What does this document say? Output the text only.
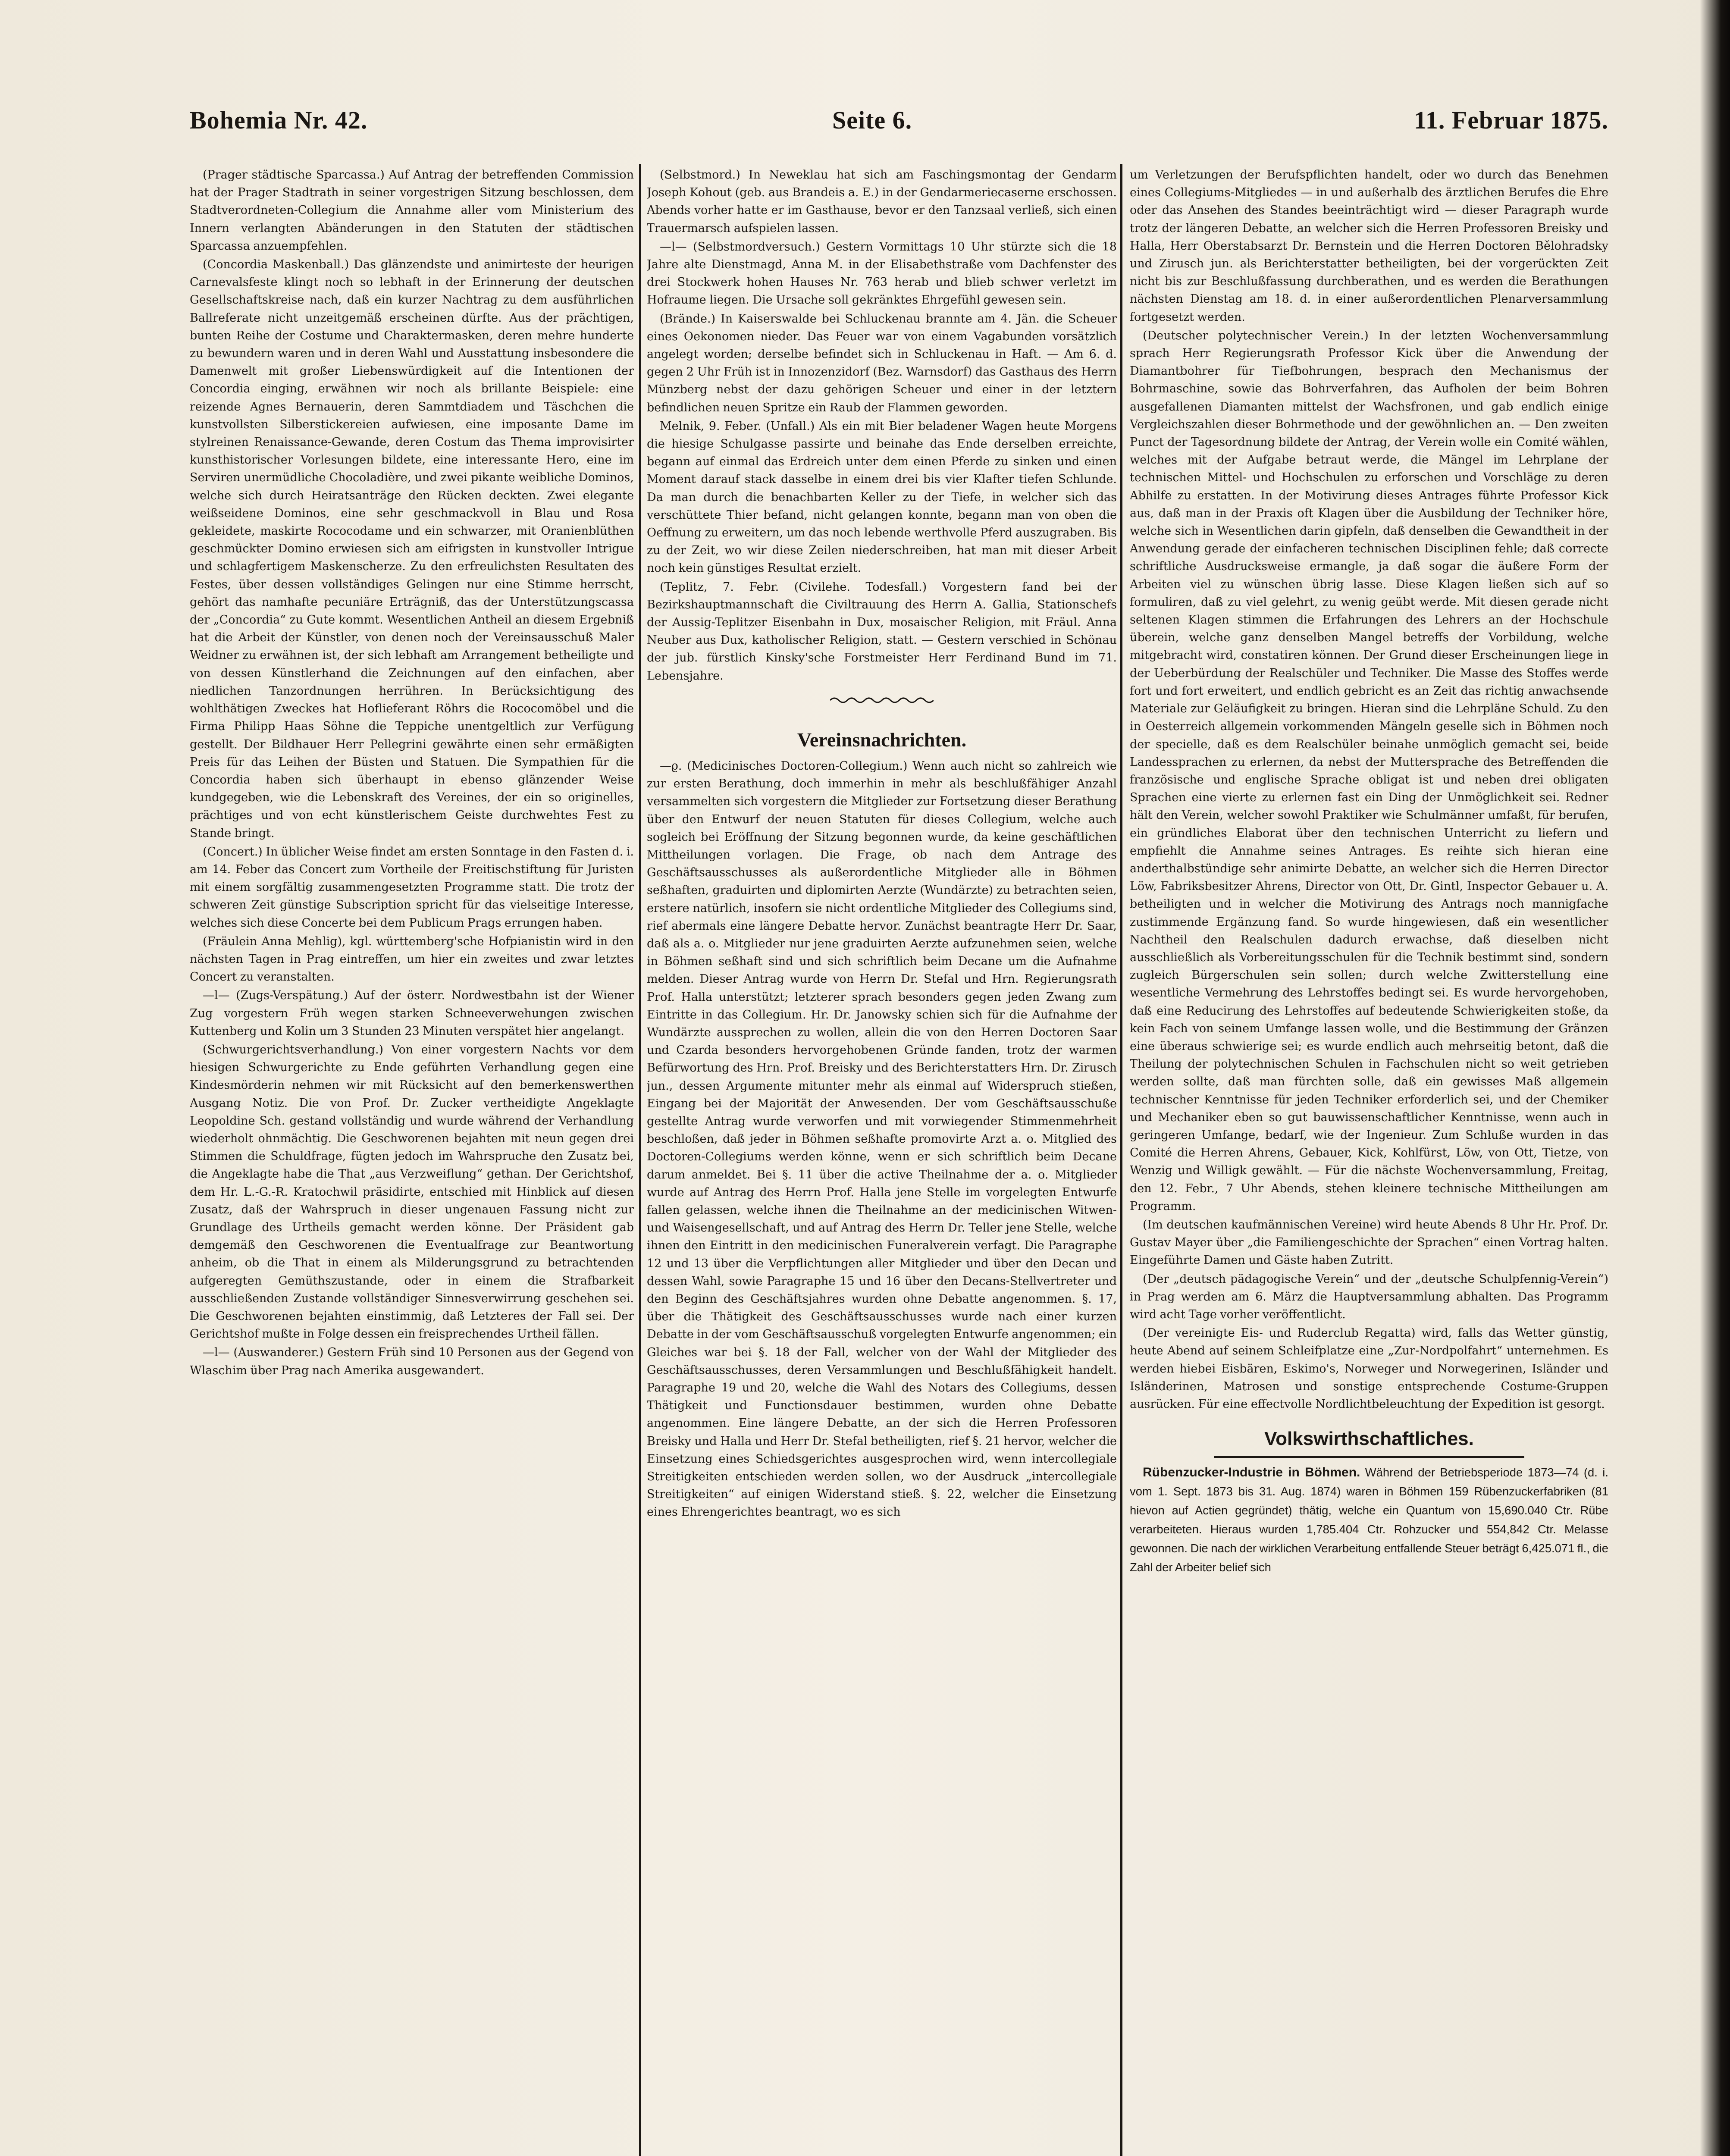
Bohemia Nr. 42.	Seite 6.	11. Februar 1875.

(Prager städtische Sparcassa.) Auf Antrag der betreffenden Commission hat der Prager Stadtrath in seiner vorgestrigen Sitzung beschlossen, dem Stadtverordneten-Collegium die Annahme aller vom Ministerium des Innern verlangten Abänderungen in den Statuten der städtischen Sparcassa anzuempfehlen.

(Concordia Maskenball.) Das glänzendste und animirteste der heurigen Carnevalsfeste klingt noch so lebhaft in der Erinnerung der deutschen Gesellschaftskreise nach, daß ein kurzer Nachtrag zu dem ausführlichen Ballreferate nicht unzeitgemäß erscheinen dürfte. Aus der prächtigen, bunten Reihe der Costume und Charaktermasken, deren mehre hunderte zu bewundern waren und in deren Wahl und Ausstattung insbesondere die Damenwelt mit großer Liebenswürdigkeit auf die Intentionen der Concordia einging, erwähnen wir noch als brillante Beispiele: eine reizende Agnes Bernauerin, deren Sammtdiadem und Täschchen die kunstvollsten Silberstickereien aufwiesen, eine imposante Dame im stylreinen Renaissance-Gewande, deren Costum das Thema improvisirter kunsthistorischer Vorlesungen bildete, eine interessante Hero, eine im Serviren unermüdliche Chocoladière, und zwei pikante weibliche Dominos, welche sich durch Heiratsanträge den Rücken deckten. Zwei elegante weißseidene Dominos, eine sehr geschmackvoll in Blau und Rosa gekleidete, maskirte Rococodame und ein schwarzer, mit Oranienblüthen geschmückter Domino erwiesen sich am eifrigsten in kunstvoller Intrigue und schlagfertigem Maskenscherze. Zu den erfreulichsten Resultaten des Festes, über dessen vollständiges Gelingen nur eine Stimme herrscht, gehört das namhafte pecuniäre Erträgniß, das der Unterstützungscassa der „Concordia“ zu Gute kommt. Wesentlichen Antheil an diesem Ergebniß hat die Arbeit der Künstler, von denen noch der Vereinsausschuß Maler Weidner zu erwähnen ist, der sich lebhaft am Arrangement betheiligte und von dessen Künstlerhand die Zeichnungen auf den einfachen, aber niedlichen Tanzordnungen herrühren. In Berücksichtigung des wohlthätigen Zweckes hat Hoflieferant Röhrs die Rococomöbel und die Firma Philipp Haas Söhne die Teppiche unentgeltlich zur Verfügung gestellt. Der Bildhauer Herr Pellegrini gewährte einen sehr ermäßigten Preis für das Leihen der Büsten und Statuen. Die Sympathien für die Concordia haben sich überhaupt in ebenso glänzender Weise kundgegeben, wie die Lebenskraft des Vereines, der ein so originelles, prächtiges und von echt künstlerischem Geiste durchwehtes Fest zu Stande bringt.

(Concert.) In üblicher Weise findet am ersten Sonntage in den Fasten d. i. am 14. Feber das Concert zum Vortheile der Freitischstiftung für Juristen mit einem sorgfältig zusammengesetzten Programme statt. Die trotz der schweren Zeit günstige Subscription spricht für das vielseitige Interesse, welches sich diese Concerte bei dem Publicum Prags errungen haben.

(Fräulein Anna Mehlig), kgl. württemberg'sche Hofpianistin wird in den nächsten Tagen in Prag eintreffen, um hier ein zweites und zwar letztes Concert zu veranstalten.

—l— (Zugs-Verspätung.) Auf der österr. Nordwestbahn ist der Wiener Zug vorgestern Früh wegen starken Schneeverwehungen zwischen Kuttenberg und Kolin um 3 Stunden 23 Minuten verspätet hier angelangt.

(Schwurgerichtsverhandlung.) Von einer vorgestern Nachts vor dem hiesigen Schwurgerichte zu Ende geführten Verhandlung gegen eine Kindesmörderin nehmen wir mit Rücksicht auf den bemerkenswerthen Ausgang Notiz. Die von Prof. Dr. Zucker vertheidigte Angeklagte Leopoldine Sch. gestand vollständig und wurde während der Verhandlung wiederholt ohnmächtig. Die Geschworenen bejahten mit neun gegen drei Stimmen die Schuldfrage, fügten jedoch im Wahrspruche den Zusatz bei, die Angeklagte habe die That „aus Verzweiflung“ gethan. Der Gerichtshof, dem Hr. L.-G.-R. Kratochwil präsidirte, entschied mit Hinblick auf diesen Zusatz, daß der Wahrspruch in dieser ungenauen Fassung nicht zur Grundlage des Urtheils gemacht werden könne. Der Präsident gab demgemäß den Geschworenen die Eventualfrage zur Beantwortung anheim, ob die That in einem als Milderungsgrund zu betrachtenden aufgeregten Gemüthszustande, oder in einem die Strafbarkeit ausschließenden Zustande vollständiger Sinnesverwirrung geschehen sei. Die Geschworenen bejahten einstimmig, daß Letzteres der Fall sei. Der Gerichtshof mußte in Folge dessen ein freisprechendes Urtheil fällen.

—l— (Auswanderer.) Gestern Früh sind 10 Personen aus der Gegend von Wlaschim über Prag nach Amerika ausgewandert.

(Selbstmord.) In Neweklau hat sich am Faschingsmontag der Gendarm Joseph Kohout (geb. aus Brandeis a. E.) in der Gendarmeriecaserne erschossen. Abends vorher hatte er im Gasthause, bevor er den Tanzsaal verließ, sich einen Trauermarsch aufspielen lassen.

—l— (Selbstmordversuch.) Gestern Vormittags 10 Uhr stürzte sich die 18 Jahre alte Dienstmagd, Anna M. in der Elisabethstraße vom Dachfenster des drei Stockwerk hohen Hauses Nr. 763 herab und blieb schwer verletzt im Hofraume liegen. Die Ursache soll gekränktes Ehrgefühl gewesen sein.

(Brände.) In Kaiserswalde bei Schluckenau brannte am 4. Jän. die Scheuer eines Oekonomen nieder. Das Feuer war von einem Vagabunden vorsätzlich angelegt worden; derselbe befindet sich in Schluckenau in Haft. — Am 6. d. gegen 2 Uhr Früh ist in Innozenzidorf (Bez. Warnsdorf) das Gasthaus des Herrn Münzberg nebst der dazu gehörigen Scheuer und einer in der letztern befindlichen neuen Spritze ein Raub der Flammen geworden.

Melnik, 9. Feber. (Unfall.) Als ein mit Bier beladener Wagen heute Morgens die hiesige Schulgasse passirte und beinahe das Ende derselben erreichte, begann auf einmal das Erdreich unter dem einen Pferde zu sinken und einen Moment darauf stack dasselbe in einem drei bis vier Klafter tiefen Schlunde. Da man durch die benachbarten Keller zu der Tiefe, in welcher sich das verschüttete Thier befand, nicht gelangen konnte, begann man von oben die Oeffnung zu erweitern, um das noch lebende werthvolle Pferd auszugraben. Bis zu der Zeit, wo wir diese Zeilen niederschreiben, hat man mit dieser Arbeit noch kein günstiges Resultat erzielt.

(Teplitz, 7. Febr. (Civilehe. Todesfall.) Vorgestern fand bei der Bezirkshauptmannschaft die Civiltrauung des Herrn A. Gallia, Stationschefs der Aussig-Teplitzer Eisenbahn in Dux, mosaischer Religion, mit Fräul. Anna Neuber aus Dux, katholischer Religion, statt. — Gestern verschied in Schönau der jub. fürstlich Kinsky'sche Forstmeister Herr Ferdinand Bund im 71. Lebensjahre.

Vereinsnachrichten.

—ϱ. (Medicinisches Doctoren-Collegium.) Wenn auch nicht so zahlreich wie zur ersten Berathung, doch immerhin in mehr als beschlußfähiger Anzahl versammelten sich vorgestern die Mitglieder zur Fortsetzung dieser Berathung über den Entwurf der neuen Statuten für dieses Collegium, welche auch sogleich bei Eröffnung der Sitzung begonnen wurde, da keine geschäftlichen Mittheilungen vorlagen. Die Frage, ob nach dem Antrage des Geschäftsausschusses als außerordentliche Mitglieder alle in Böhmen seßhaften, graduirten und diplomirten Aerzte (Wundärzte) zu betrachten seien, erstere natürlich, insofern sie nicht ordentliche Mitglieder des Collegiums sind, rief abermals eine längere Debatte hervor. Zunächst beantragte Herr Dr. Saar, daß als a. o. Mitglieder nur jene graduirten Aerzte aufzunehmen seien, welche in Böhmen seßhaft sind und sich schriftlich beim Decane um die Aufnahme melden. Dieser Antrag wurde von Herrn Dr. Stefal und Hrn. Regierungsrath Prof. Halla unterstützt; letzterer sprach besonders gegen jeden Zwang zum Eintritte in das Collegium. Hr. Dr. Janowsky schien sich für die Aufnahme der Wundärzte aussprechen zu wollen, allein die von den Herren Doctoren Saar und Czarda besonders hervorgehobenen Gründe fanden, trotz der warmen Befürwortung des Hrn. Prof. Breisky und des Berichterstatters Hrn. Dr. Zirusch jun., dessen Argumente mitunter mehr als einmal auf Widerspruch stießen, Eingang bei der Majorität der Anwesenden. Der vom Geschäftsausschuße gestellte Antrag wurde verworfen und mit vorwiegender Stimmenmehrheit beschloßen, daß jeder in Böhmen seßhafte promovirte Arzt a. o. Mitglied des Doctoren-Collegiums werden könne, wenn er sich schriftlich beim Decane darum anmeldet. Bei §. 11 über die active Theilnahme der a. o. Mitglieder wurde auf Antrag des Herrn Prof. Halla jene Stelle im vorgelegten Entwurfe fallen gelassen, welche ihnen die Theilnahme an der medicinischen Witwen- und Waisengesellschaft, und auf Antrag des Herrn Dr. Teller jene Stelle, welche ihnen den Eintritt in den medicinischen Funeralverein verfagt. Die Paragraphe 12 und 13 über die Verpflichtungen aller Mitglieder und über den Decan und dessen Wahl, sowie Paragraphe 15 und 16 über den Decans-Stellvertreter und den Beginn des Geschäftsjahres wurden ohne Debatte angenommen. §. 17, über die Thätigkeit des Geschäftsausschusses wurde nach einer kurzen Debatte in der vom Geschäftsausschuß vorgelegten Entwurfe angenommen; ein Gleiches war bei §. 18 der Fall, welcher von der Wahl der Mitglieder des Geschäftsausschusses, deren Versammlungen und Beschlußfähigkeit handelt. Paragraphe 19 und 20, welche die Wahl des Notars des Collegiums, dessen Thätigkeit und Functionsdauer bestimmen, wurden ohne Debatte angenommen. Eine längere Debatte, an der sich die Herren Professoren Breisky und Halla und Herr Dr. Stefal betheiligten, rief §. 21 hervor, welcher die Einsetzung eines Schiedsgerichtes ausgesprochen wird, wenn intercollegiale Streitigkeiten entschieden werden sollen, wo der Ausdruck „intercollegiale Streitigkeiten“ auf einigen Widerstand stieß. §. 22, welcher die Einsetzung eines Ehrengerichtes beantragt, wo es sich

um Verletzungen der Berufspflichten handelt, oder wo durch das Benehmen eines Collegiums-Mitgliedes — in und außerhalb des ärztlichen Berufes die Ehre oder das Ansehen des Standes beeinträchtigt wird — dieser Paragraph wurde trotz der längeren Debatte, an welcher sich die Herren Professoren Breisky und Halla, Herr Oberstabsarzt Dr. Bernstein und die Herren Doctoren Bělohradsky und Zirusch jun. als Berichterstatter betheiligten, bei der vorgerückten Zeit nicht bis zur Beschlußfassung durchberathen, und es werden die Berathungen nächsten Dienstag am 18. d. in einer außerordentlichen Plenarversammlung fortgesetzt werden.

(Deutscher polytechnischer Verein.) In der letzten Wochenversammlung sprach Herr Regierungsrath Professor Kick über die Anwendung der Diamantbohrer für Tiefbohrungen, besprach den Mechanismus der Bohrmaschine, sowie das Bohrverfahren, das Aufholen der beim Bohren ausgefallenen Diamanten mittelst der Wachsfronen, und gab endlich einige Vergleichszahlen dieser Bohrmethode und der gewöhnlichen an. — Den zweiten Punct der Tagesordnung bildete der Antrag, der Verein wolle ein Comité wählen, welches mit der Aufgabe betraut werde, die Mängel im Lehrplane der technischen Mittel- und Hochschulen zu erforschen und Vorschläge zu deren Abhilfe zu erstatten. In der Motivirung dieses Antrages führte Professor Kick aus, daß man in der Praxis oft Klagen über die Ausbildung der Techniker höre, welche sich in Wesentlichen darin gipfeln, daß denselben die Gewandtheit in der Anwendung gerade der einfacheren technischen Disciplinen fehle; daß correcte schriftliche Ausdrucksweise ermangle, ja daß sogar die äußere Form der Arbeiten viel zu wünschen übrig lasse. Diese Klagen ließen sich auf so formuliren, daß zu viel gelehrt, zu wenig geübt werde. Mit diesen gerade nicht seltenen Klagen stimmen die Erfahrungen des Lehrers an der Hochschule überein, welche ganz denselben Mangel betreffs der Vorbildung, welche mitgebracht wird, constatiren können. Der Grund dieser Erscheinungen liege in der Ueberbürdung der Realschüler und Techniker. Die Masse des Stoffes werde fort und fort erweitert, und endlich gebricht es an Zeit das richtig anwachsende Materiale zur Geläufigkeit zu bringen. Hieran sind die Lehrpläne Schuld. Zu den in Oesterreich allgemein vorkommenden Mängeln geselle sich in Böhmen noch der specielle, daß es dem Realschüler beinahe unmöglich gemacht sei, beide Landessprachen zu erlernen, da nebst der Muttersprache des Betreffenden die französische und englische Sprache obligat ist und neben drei obligaten Sprachen eine vierte zu erlernen fast ein Ding der Unmöglichkeit sei. Redner hält den Verein, welcher sowohl Praktiker wie Schulmänner umfaßt, für berufen, ein gründliches Elaborat über den technischen Unterricht zu liefern und empfiehlt die Annahme seines Antrages. Es reihte sich hieran eine anderthalbstündige sehr animirte Debatte, an welcher sich die Herren Director Löw, Fabriksbesitzer Ahrens, Director von Ott, Dr. Gintl, Inspector Gebauer u. A. betheiligten und in welcher die Motivirung des Antrags noch mannigfache zustimmende Ergänzung fand. So wurde hingewiesen, daß ein wesentlicher Nachtheil den Realschulen dadurch erwachse, daß dieselben nicht ausschließlich als Vorbereitungsschulen für die Technik bestimmt sind, sondern zugleich Bürgerschulen sein sollen; durch welche Zwitterstellung eine wesentliche Vermehrung des Lehrstoffes bedingt sei. Es wurde hervorgehoben, daß eine Reducirung des Lehrstoffes auf bedeutende Schwierigkeiten stoße, da kein Fach von seinem Umfange lassen wolle, und die Bestimmung der Gränzen eine überaus schwierige sei; es wurde endlich auch mehrseitig betont, daß die Theilung der polytechnischen Schulen in Fachschulen nicht so weit getrieben werden sollte, daß man fürchten solle, daß ein gewisses Maß allgemein technischer Kenntnisse für jeden Techniker erforderlich sei, und der Chemiker und Mechaniker eben so gut bauwissenschaftlicher Kenntnisse, wenn auch in geringeren Umfange, bedarf, wie der Ingenieur. Zum Schluße wurden in das Comité die Herren Ahrens, Gebauer, Kick, Kohlfürst, Löw, von Ott, Tietze, von Wenzig und Willigk gewählt. — Für die nächste Wochenversammlung, Freitag, den 12. Febr., 7 Uhr Abends, stehen kleinere technische Mittheilungen am Programm.

(Im deutschen kaufmännischen Vereine) wird heute Abends 8 Uhr Hr. Prof. Dr. Gustav Mayer über „die Familiengeschichte der Sprachen“ einen Vortrag halten. Eingeführte Damen und Gäste haben Zutritt.

(Der „deutsch pädagogische Verein“ und der „deutsche Schulpfennig-Verein“) in Prag werden am 6. März die Hauptversammlung abhalten. Das Programm wird acht Tage vorher veröffentlicht.

(Der vereinigte Eis- und Ruderclub Regatta) wird, falls das Wetter günstig, heute Abend auf seinem Schleifplatze eine „Zur-Nordpolfahrt“ unternehmen. Es werden hiebei Eisbären, Eskimo's, Norweger und Norwegerinen, Isländer und Isländerinen, Matrosen und sonstige entsprechende Costume-Gruppen ausrücken. Für eine effectvolle Nordlichtbeleuchtung der Expedition ist gesorgt.

Volkswirthschaftliches.

Rübenzucker-Industrie in Böhmen. Während der Betriebsperiode 1873—74 (d. i. vom 1. Sept. 1873 bis 31. Aug. 1874) waren in Böhmen 159 Rübenzuckerfabriken (81 hievon auf Actien gegründet) thätig, welche ein Quantum von 15,690.040 Ctr. Rübe verarbeiteten. Hieraus wurden 1,785.404 Ctr. Rohzucker und 554,842 Ctr. Melasse gewonnen. Die nach der wirklichen Verarbeitung entfallende Steuer beträgt 6,425.071 fl., die Zahl der Arbeiter belief sich
